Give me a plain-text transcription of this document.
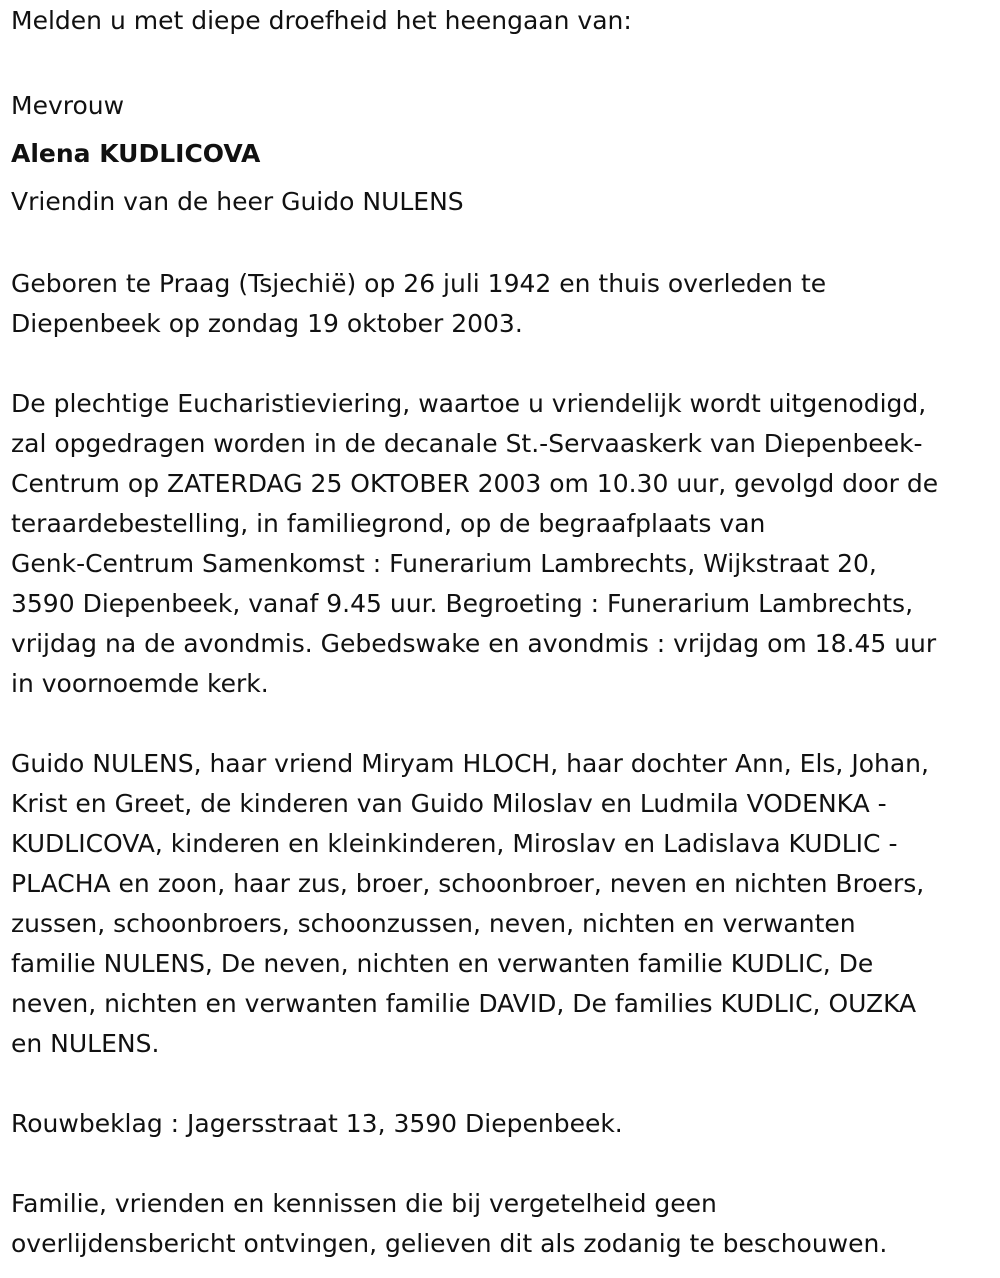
Melden u met diepe droefheid het heengaan van:

Mevrouw

Alena KUDLICOVA

Vriendin van de heer Guido NULENS

Geboren te Praag (Tsjechië) op 26 juli 1942 en thuis overleden te

Diepenbeek op zondag 19 oktober 2003.

De plechtige Eucharistieviering, waartoe u vriendelijk wordt uitgenodigd,

zal opgedragen worden in de decanale St.-Servaaskerk van Diepenbeek-

Centrum op ZATERDAG 25 OKTOBER 2003 om 10.30 uur, gevolgd door de

teraardebestelling, in familiegrond, op de begraafplaats van

Genk-Centrum Samenkomst : Funerarium Lambrechts, Wijkstraat 20,

3590 Diepenbeek, vanaf 9.45 uur. Begroeting : Funerarium Lambrechts,

vrijdag na de avondmis. Gebedswake en avondmis : vrijdag om 18.45 uur

in voornoemde kerk.

Guido NULENS, haar vriend Miryam HLOCH, haar dochter Ann, Els, Johan,

Krist en Greet, de kinderen van Guido Miloslav en Ludmila VODENKA -

KUDLICOVA, kinderen en kleinkinderen, Miroslav en Ladislava KUDLIC -

PLACHA en zoon, haar zus, broer, schoonbroer, neven en nichten Broers,

zussen, schoonbroers, schoonzussen, neven, nichten en verwanten

familie NULENS, De neven, nichten en verwanten familie KUDLIC, De

neven, nichten en verwanten familie DAVID, De families KUDLIC, OUZKA

en NULENS.

Rouwbeklag : Jagersstraat 13, 3590 Diepenbeek.

Familie, vrienden en kennissen die bij vergetelheid geen

overlijdensbericht ontvingen, gelieven dit als zodanig te beschouwen.
